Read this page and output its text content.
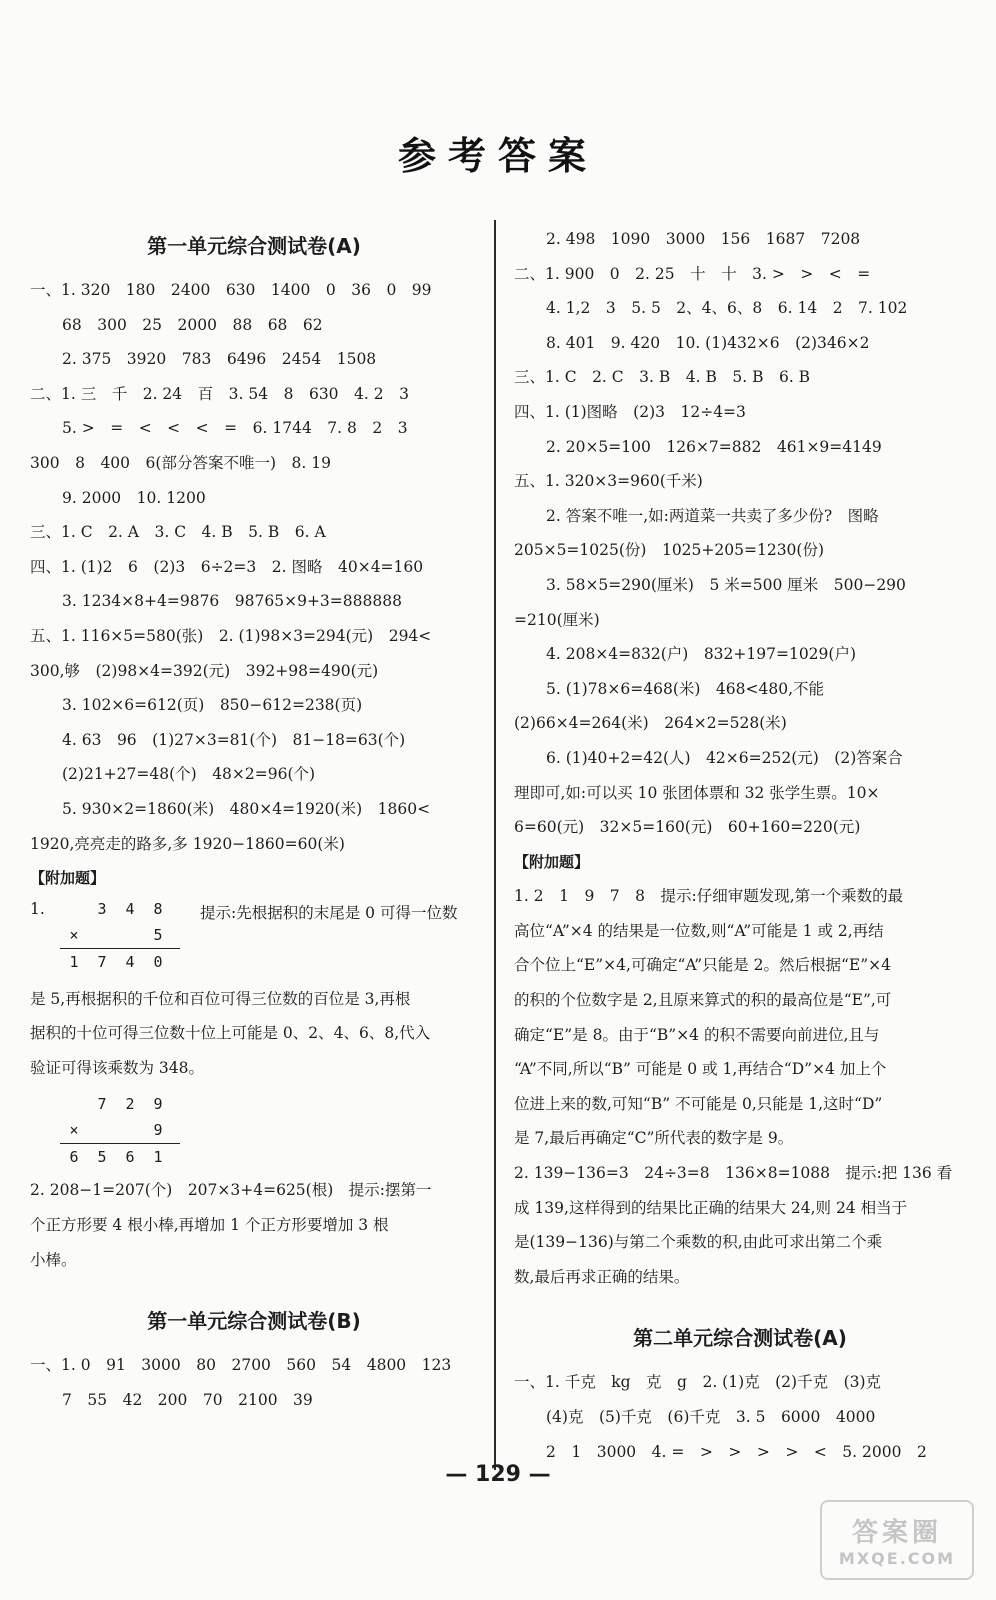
参考答案
第一单元综合测试卷(A)
一、1. 320　180　2400　630　1400　0　36　0　99
68　300　25　2000　88　68　62
2. 375　3920　783　6496　2454　1508
二、1. 三　千　2. 24　百　3. 54　8　630　4. 2　3
5. >　=　<　<　<　=　6. 1744　7. 8　2　3
300　8　400　6(部分答案不唯一)　8. 19
9. 2000　10. 1200
三、1. C　2. A　3. C　4. B　5. B　6. A
四、1. (1)2　6　(2)3　6÷2=3　2. 图略　40×4=160
3. 1234×8+4=9876　98765×9+3=888888
五、1. 116×5=580(张)　2. (1)98×3=294(元)　294<
300,够　(2)98×4=392(元)　392+98=490(元)
3. 102×6=612(页)　850−612=238(页)
4. 63　96　(1)27×3=81(个)　81−18=63(个)
(2)21+27=48(个)　48×2=96(个)
5. 930×2=1860(米)　480×4=1920(米)　1860<
1920,亮亮走的路多,多 1920−1860=60(米)
【附加题】
1.	3	4	8
×	5
1	7	4	0
提示:先根据积的末尾是 0 可得一位数
是 5,再根据积的千位和百位可得三位数的百位是 3,再根
据积的十位可得三位数十位上可能是 0、2、4、6、8,代入
验证可得该乘数为 348。
7	2	9
×	9
6	5	6	1
2. 208−1=207(个)　207×3+4=625(根)　提示:摆第一
个正方形要 4 根小棒,再增加 1 个正方形要增加 3 根
小棒。
第一单元综合测试卷(B)
一、1. 0　91　3000　80　2700　560　54　4800　123
7　55　42　200　70　2100　39
2. 498　1090　3000　156　1687　7208
二、1. 900　0　2. 25　十　十　3. >　>　<　=
4. 1,2　3　5. 5　2、4、6、8　6. 14　2　7. 102
8. 401　9. 420　10. (1)432×6　(2)346×2
三、1. C　2. C　3. B　4. B　5. B　6. B
四、1. (1)图略　(2)3　12÷4=3
2. 20×5=100　126×7=882　461×9=4149
五、1. 320×3=960(千米)
2. 答案不唯一,如:两道菜一共卖了多少份?　图略
205×5=1025(份)　1025+205=1230(份)
3. 58×5=290(厘米)　5 米=500 厘米　500−290
=210(厘米)
4. 208×4=832(户)　832+197=1029(户)
5. (1)78×6=468(米)　468<480,不能
(2)66×4=264(米)　264×2=528(米)
6. (1)40+2=42(人)　42×6=252(元)　(2)答案合
理即可,如:可以买 10 张团体票和 32 张学生票。10×
6=60(元)　32×5=160(元)　60+160=220(元)
【附加题】
1. 2　1　9　7　8　提示:仔细审题发现,第一个乘数的最
高位“A”×4 的结果是一位数,则“A”可能是 1 或 2,再结
合个位上“E”×4,可确定“A”只能是 2。然后根据“E”×4
的积的个位数字是 2,且原来算式的积的最高位是“E”,可
确定“E”是 8。由于“B”×4 的积不需要向前进位,且与
“A”不同,所以“B” 可能是 0 或 1,再结合“D”×4 加上个
位进上来的数,可知“B” 不可能是 0,只能是 1,这时“D”
是 7,最后再确定“C”所代表的数字是 9。
2. 139−136=3　24÷3=8　136×8=1088　提示:把 136 看
成 139,这样得到的结果比正确的结果大 24,则 24 相当于
是(139−136)与第二个乘数的积,由此可求出第二个乘
数,最后再求正确的结果。
第二单元综合测试卷(A)
一、1. 千克　kg　克　g　2. (1)克　(2)千克　(3)克
(4)克　(5)千克　(6)千克　3. 5　6000　4000
2　1　3000　4. =　>　>　>　>　<　5. 2000　2
— 129 —
答案圈
MXQE.COM
